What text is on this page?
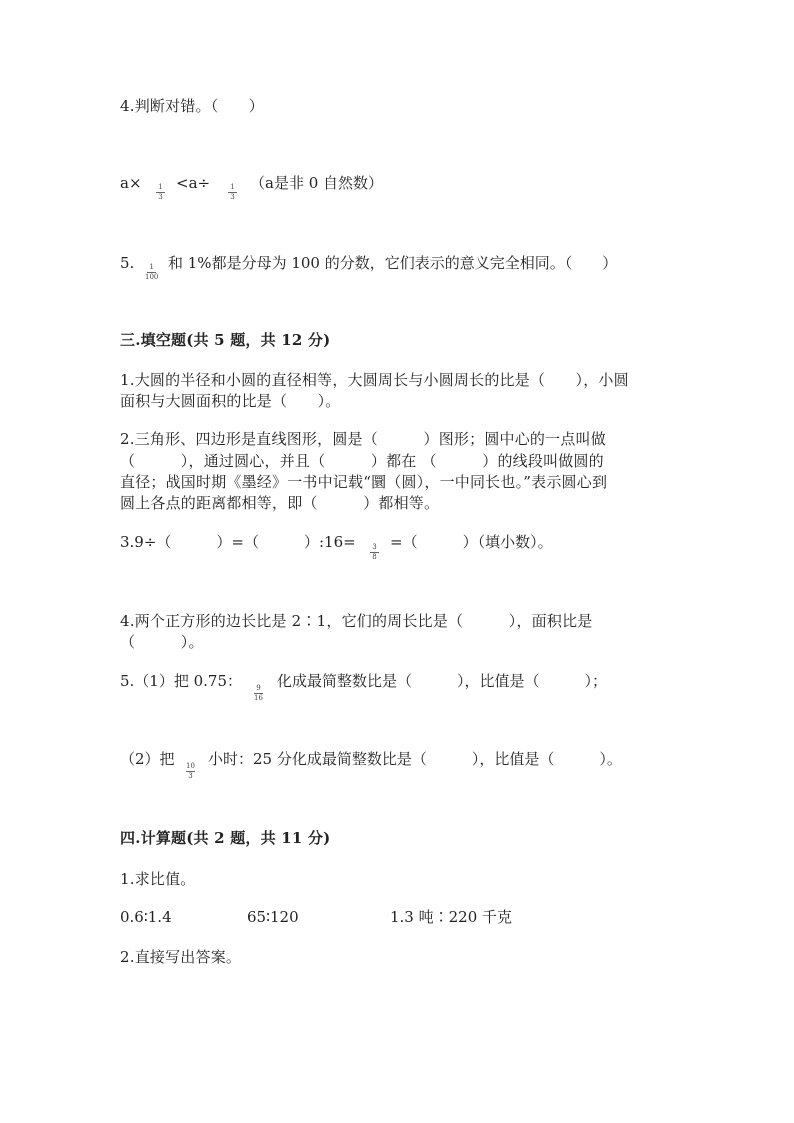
4.判断对错。（　　）
a× 1
3
<a÷	1
3
（a是非 0 自然数）
5. 1
100
和 1%都是分母为 100 的分数，它们表示的意义完全相同。（　　）
三.填空题(共 5 题，共 12 分)
1.大圆的半径和小圆的直径相等，大圆周长与小圆周长的比是（　　），小圆
面积与大圆面积的比是（　　）。
2.三角形、四边形是直线图形，圆是（　　　）图形；圆中心的一点叫做
（　　　），通过圆心，并且（　　　）都在 （　　　）的线段叫做圆的
直径；战国时期《墨经》一书中记载“圜（圆），一中同长也。”表示圆心到
圆上各点的距离都相等，即（　　　）都相等。
3.9÷（　　　）=（　　　）:16= 3
8
=（　　　）（填小数）。
4.两个正方形的边长比是 2∶1，它们的周长比是（　　　），面积比是
（　　　）。
5.（1）把 0.75： 9
16
化成最简整数比是（　　　），比值是（　　　）；
（2）把 10
3
小时：25 分化成最简整数比是（　　　），比值是（　　　）。
四.计算题(共 2 题，共 11 分)
1.求比值。
0.6∶1.4	65∶120	1.3 吨∶220 千克
2.直接写出答案。
